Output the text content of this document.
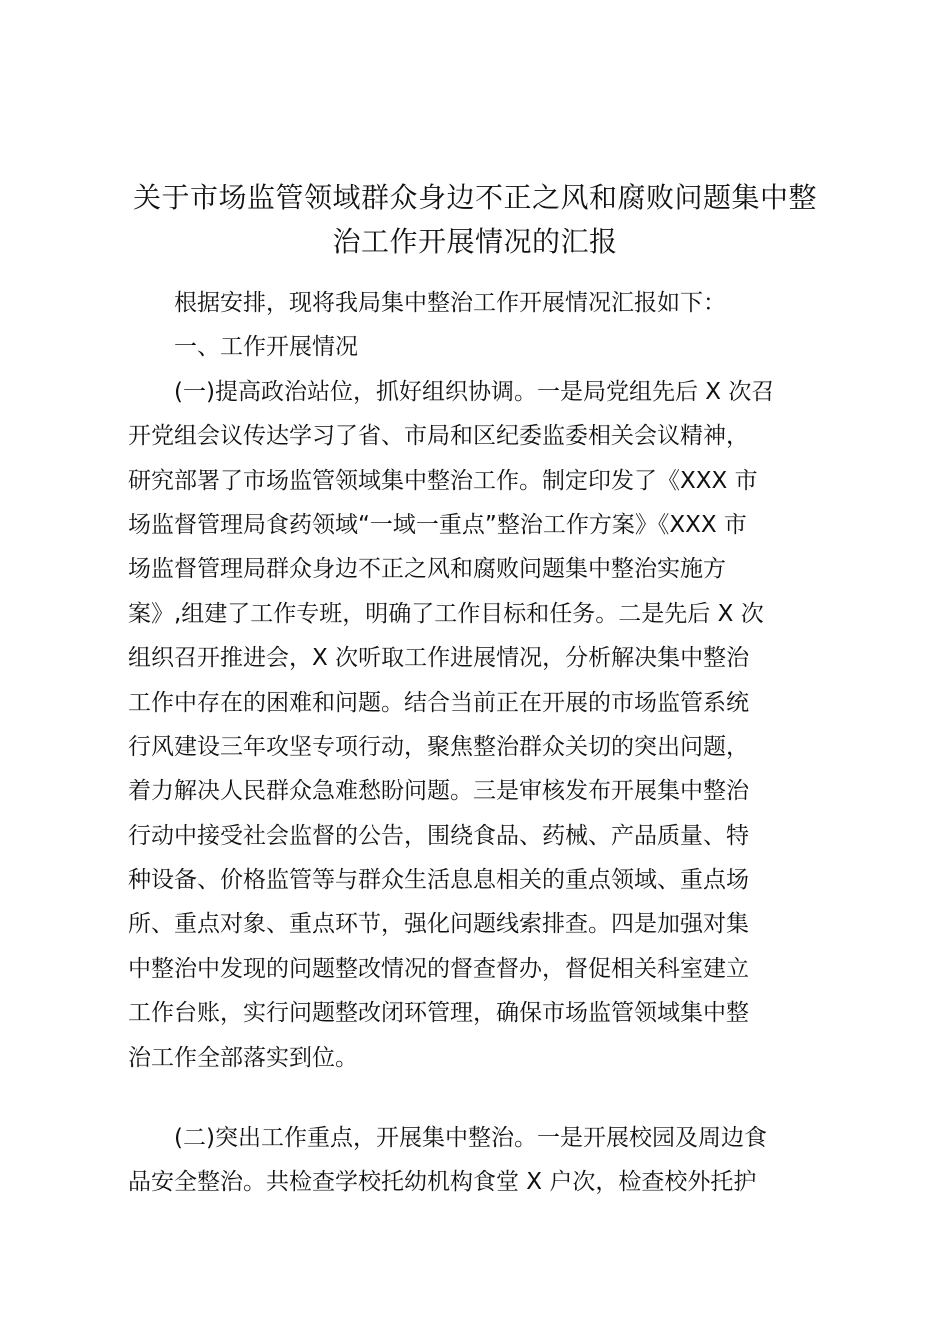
关于市场监管领域群众身边不正之风和腐败问题集中整
治工作开展情况的汇报
根据安排，现将我局集中整治工作开展情况汇报如下：
一、工作开展情况
(一)提高政治站位，抓好组织协调。一是局党组先后 X 次召
开党组会议传达学习了省、市局和区纪委监委相关会议精神，
研究部署了市场监管领域集中整治工作。制定印发了《XXX 市
场监督管理局食药领域“一域一重点”整治工作方案》《XXX 市
场监督管理局群众身边不正之风和腐败问题集中整治实施方
案》,组建了工作专班，明确了工作目标和任务。二是先后 X 次
组织召开推进会，X 次听取工作进展情况，分析解决集中整治
工作中存在的困难和问题。结合当前正在开展的市场监管系统
行风建设三年攻坚专项行动，聚焦整治群众关切的突出问题，
着力解决人民群众急难愁盼问题。三是审核发布开展集中整治
行动中接受社会监督的公告，围绕食品、药械、产品质量、特
种设备、价格监管等与群众生活息息相关的重点领域、重点场
所、重点对象、重点环节，强化问题线索排查。四是加强对集
中整治中发现的问题整改情况的督查督办，督促相关科室建立
工作台账，实行问题整改闭环管理，确保市场监管领域集中整
治工作全部落实到位。
(二)突出工作重点，开展集中整治。一是开展校园及周边食
品安全整治。共检查学校托幼机构食堂 X 户次，检查校外托护
